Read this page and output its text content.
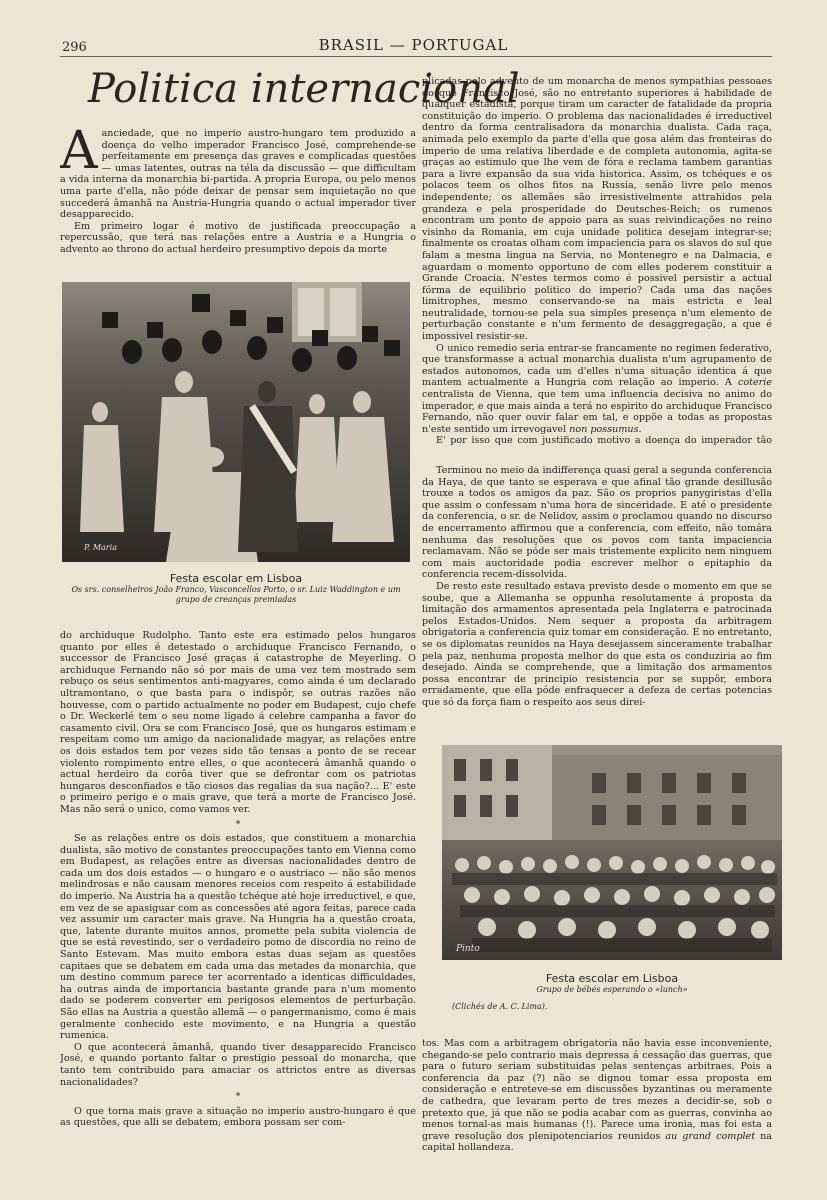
296	BRASIL — PORTUGAL
Politica internacional

Aanciedade, que no imperio austro-hungaro tem produzido a doença do velho imperador Francisco José, comprehende-se perfeitamente em presença das graves e complicadas questões — umas latentes, outras na téla da discussão — que difficultam a vida interna da monarchia bi-partida. A propria Europa, ou pelo menos uma parte d'ella, não póde deixar de pensar sem inquietação no que succederá âmanhã na Austria-Hungria quando o actual imperador tiver desapparecido.

Em primeiro logar é motivo de justificada preoccupação a repercussão, que terá nas relações entre a Austria e a Hungria o advento ao throno do actual herdeiro presumptivo depois da morte

P. Maria
Festa escolar em Lisboa
Os srs. conselheiros João Franco, Vasconcellos Porto, o sr. Luiz Waddington e um grupo de creanças premiadas

do archiduque Rudolpho. Tanto este era estimado pelos hungaros quanto por elles é detestado o archiduque Francisco Fernando, o successor de Francisco José graças á catastrophe de Meyerling. O archiduque Fernando não só por mais de uma vez tem mostrado sem rebuço os seus sentimentos anti-magyares, como ainda é um declarado ultramontano, o que basta para o indispôr, se outras razões não houvesse, com o partido actualmente no poder em Budapest, cujo chefe o Dr. Weckerlé tem o seu nome ligado á celebre campanha a favor do casamento civil. Ora se com Francisco José, que os hungaros estimam e respeitam como um amigo da nacionalidade magyar, as relações entre os dois estados tem por vezes sido tão tensas a ponto de se recear violento rompimento entre elles, o que acontecerá âmanhã quando o actual herdeiro da corôa tiver que se defrontar com os patriotas hungaros desconfiados e tão ciosos das regalias da sua nação?... E' este o primeiro perigo e o mais grave, que terá a morte de Francisco José. Mas não será o unico, como vamos ver.

*

Se as relações entre os dois estados, que constituem a monarchia dualista, são motivo de constantes preoccupações tanto em Vienna como em Budapest, as relações entre as diversas nacionalidades dentro de cada um dos dois estados — o hungaro e o austriaco — não são menos melindrosas e não causam menores receios com respeito á estabilidade do imperio. Na Austria ha a questão tchéque até hoje irreductivel, e que, em vez de se apasiguar com as concessões até agora feitas, parece cada vez assumir um caracter mais grave. Na Hungria ha a questão croata, que, latente durante muitos annos, promette pela subita violencia de que se está revestindo, ser o verdadeiro pomo de discordia no reino de Santo Estevam. Mas muito embora estas duas sejam as questões capitaes que se debatem em cada uma das metades da monarchia, que um destino commum parece ter acorrentado a identicas difficuldades, ha outras ainda de importancia bastante grande para n'um momento dado se poderem converter em perigosos elementos de perturbação. São ellas na Austria a questão allemã — o pangermanismo, como é mais geralmente conhecido este movimento, e na Hungria a questão rumenica.

O que acontecerá âmanhã, quando tiver desapparecido Francisco José, e quando portanto faltar o prestigio pessoal do monarcha, que tanto tem contribuido para amaciar os attrictos entre as diversas nacionalidades?

*

O que torna mais grave a situação no imperio austro-hungaro é que as questões, que alli se debatem, embora possam ser com-

plicadas pelo advento de um monarcha de menos sympathias pessoaes do que Francisco José, são no entretanto superiores á habilidade de qualquer estadista, porque tiram um caracter de fatalidade da propria constituição do imperio. O problema das nacionalidades é irreductivel dentro da forma centralisadora da monarchia dualista. Cada raça, animada pelo exemplo da parte d'ella que gosa além das fronteiras do imperio de uma relativa liberdade e de completa autonomia, agita-se graças ao estimulo que lhe vem de fóra e reclama tambem garantias para a livre expansão da sua vida historica. Assim, os tchéques e os polacos teem os olhos fitos na Russia, senão livre pelo menos independente; os allemães são irresistivelmente attrahidos pela grandeza e pela prosperidade do Deutsches-Reich; os rumenos encontram um ponto de appoio para as suas reivindicações no reino visinho da Romania, em cuja unidade politica desejam integrar-se; finalmente os croatas olham com impaciencia para os slavos do sul que falam a mesma lingua na Servia, no Montenegro e na Dalmacia, e aguardam o momento opportuno de com elles poderem constituir a Grande Croacia. N'estes termos como é possivel persistir a actual fórma de equilibrio politico do imperio? Cada uma das nações limitrophes, mesmo conservando-se na mais estricta e leal neutralidade, tornou-se pela sua simples presença n'um elemento de perturbação constante e n'um fermento de desaggregação, a que é impossivel resistir-se.

O unico remedio seria entrar-se francamente no regimen federativo, que transformasse a actual monarchia dualista n'um agrupamento de estados autonomos, cada um d'elles n'uma situação identica á que mantem actualmente a Hungria com relação ao imperio. A coterie centralista de Vienna, que tem uma influencia decisiva no animo do imperador, e que mais ainda a terá no espirito do archiduque Francisco Fernando, não quer ouvir falar em tal, e oppõe a todas as propostas n'este sentido um irrevogavel non possumus.

E' por isso que com justificado motivo a doença do imperador tão

Terminou no meio da indifferença quasi geral a segunda conferencia da Haya, de que tanto se esperava e que afinal tão grande desillusão trouxe a todos os amigos da paz. São os proprios panygiristas d'ella que assim o confessam n'uma hora de sinceridade. E até o presidente da conferencia, o sr. de Nelidov, assim o proclamou quando no discurso de encerramento affirmou que a conferencia, com effeito, não tomára nenhuma das resoluções que os povos com tanta impaciencia reclamavam. Não se póde ser mais tristemente explicito nem ninguem com mais auctoridade podia escrever melhor o epitaphio da conferencia recem-dissolvida.

De resto este resultado estava previsto desde o momento em que se soube, que a Allemanha se oppunha resolutamente á proposta da limitação dos armamentos apresentada pela Inglaterra e patrocinada pelos Estados-Unidos. Nem sequer a proposta da arbitragem obrigatoria a conferencia quiz tomar em consideração. E no entretanto, se os diplomatas reunidos na Haya desejassem sinceramente trabalhar pela paz, nenhuma proposta melhor do que esta os conduziria ao fim desejado. Ainda se comprehende, que a limitação dos armamentos possa encontrar de principio resistencia por se suppôr, embora erradamente, que ella póde enfraquecer a defeza de certas potencias que só da força fiam o respeito aos seus direi-

Pinto
Festa escolar em Lisboa
Grupo de bébés esperando o «lunch»
(Clichés de A. C. Lima).

tos. Mas com a arbitragem obrigatoria não havia esse inconveniente, chegando-se pelo contrario mais depressa á cessação das guerras, que para o futuro seriam substituidas pelas sentenças arbitraes. Pois a conferencia da paz (?) não se dignou tomar essa proposta em consideração e entreteve-se em discussões byzantinas ou meramente de cathedra, que levaram perto de tres mezes a decidir-se, sob o pretexto que, já que não se podia acabar com as guerras, convinha ao menos tornal-as mais humanas (!). Parece uma ironia, mas foi esta a grave resolução dos plenipotenciarios reunidos au grand complet na capital hollandeza.
